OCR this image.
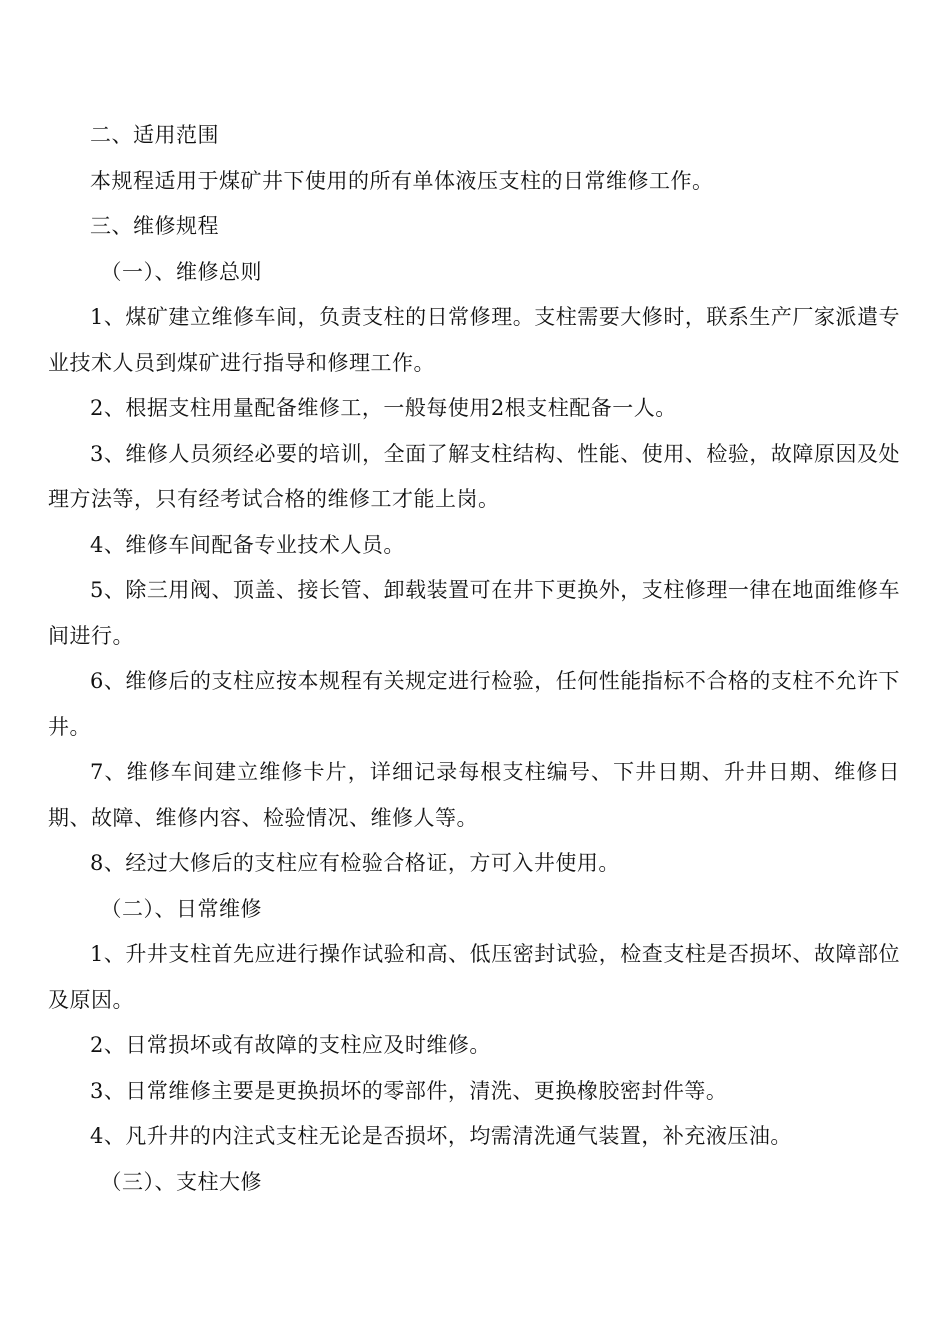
二、适用范围

本规程适用于煤矿井下使用的所有单体液压支柱的日常维修工作。

三、维修规程

（一）、维修总则

1、煤矿建立维修车间，负责支柱的日常修理。支柱需要大修时，联系生产厂家派遣专业技术人员到煤矿进行指导和修理工作。

2、根据支柱用量配备维修工，一般每使用2根支柱配备一人。

3、维修人员须经必要的培训，全面了解支柱结构、性能、使用、检验，故障原因及处理方法等，只有经考试合格的维修工才能上岗。

4、维修车间配备专业技术人员。

5、除三用阀、顶盖、接长管、卸载装置可在井下更换外，支柱修理一律在地面维修车间进行。

6、维修后的支柱应按本规程有关规定进行检验，任何性能指标不合格的支柱不允许下井。

7、维修车间建立维修卡片，详细记录每根支柱编号、下井日期、升井日期、维修日期、故障、维修内容、检验情况、维修人等。

8、经过大修后的支柱应有检验合格证，方可入井使用。

（二）、日常维修

1、升井支柱首先应进行操作试验和高、低压密封试验，检查支柱是否损坏、故障部位及原因。

2、日常损坏或有故障的支柱应及时维修。

3、日常维修主要是更换损坏的零部件，清洗、更换橡胶密封件等。

4、凡升井的内注式支柱无论是否损坏，均需清洗通气装置，补充液压油。

（三）、支柱大修
